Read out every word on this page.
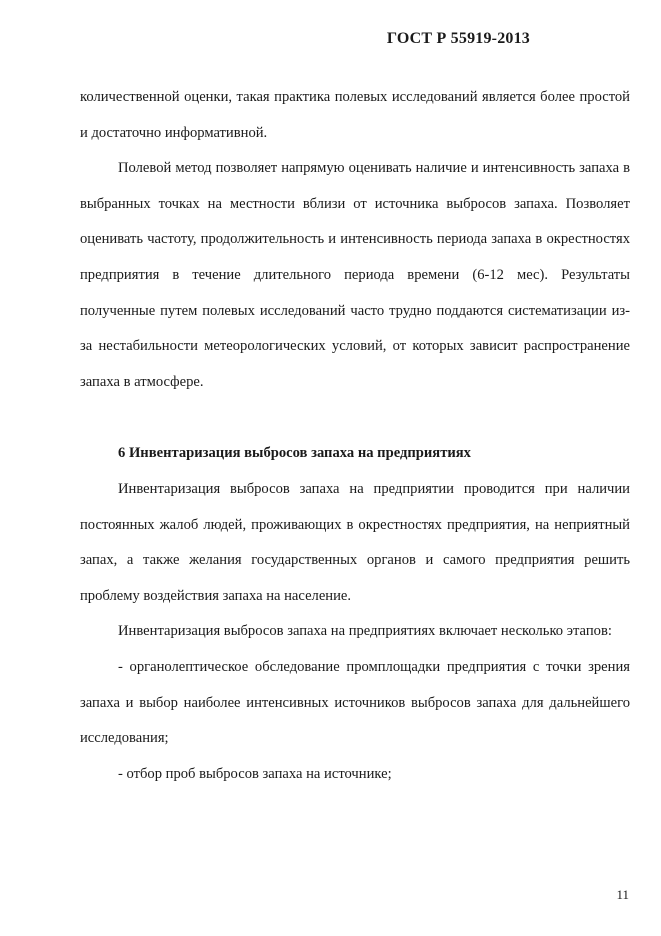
ГОСТ Р 55919-2013

количественной оценки, такая практика полевых исследований является более простой и достаточно информативной.

Полевой метод позволяет напрямую оценивать наличие и интенсивность запаха в выбранных точках на местности вблизи от источника выбросов запаха. Позволяет оценивать частоту, продолжительность и интенсивность периода запаха в окрестностях предприятия в течение длительного периода времени (6-12 мес). Результаты полученные путем полевых исследований часто трудно поддаются систематизации из-за нестабильности метеорологических условий, от которых зависит распространение запаха в атмосфере.

6 Инвентаризация выбросов запаха на предприятиях

Инвентаризация выбросов запаха на предприятии проводится при наличии постоянных жалоб людей, проживающих в окрестностях предприятия, на неприятный запах, а также желания государственных органов и самого предприятия решить проблему воздействия запаха на население.

Инвентаризация выбросов запаха на предприятиях включает несколько этапов:

- органолептическое обследование промплощадки предприятия с точки зрения запаха и выбор наиболее интенсивных источников выбросов запаха для дальнейшего исследования;

- отбор проб выбросов запаха на источнике;

11
